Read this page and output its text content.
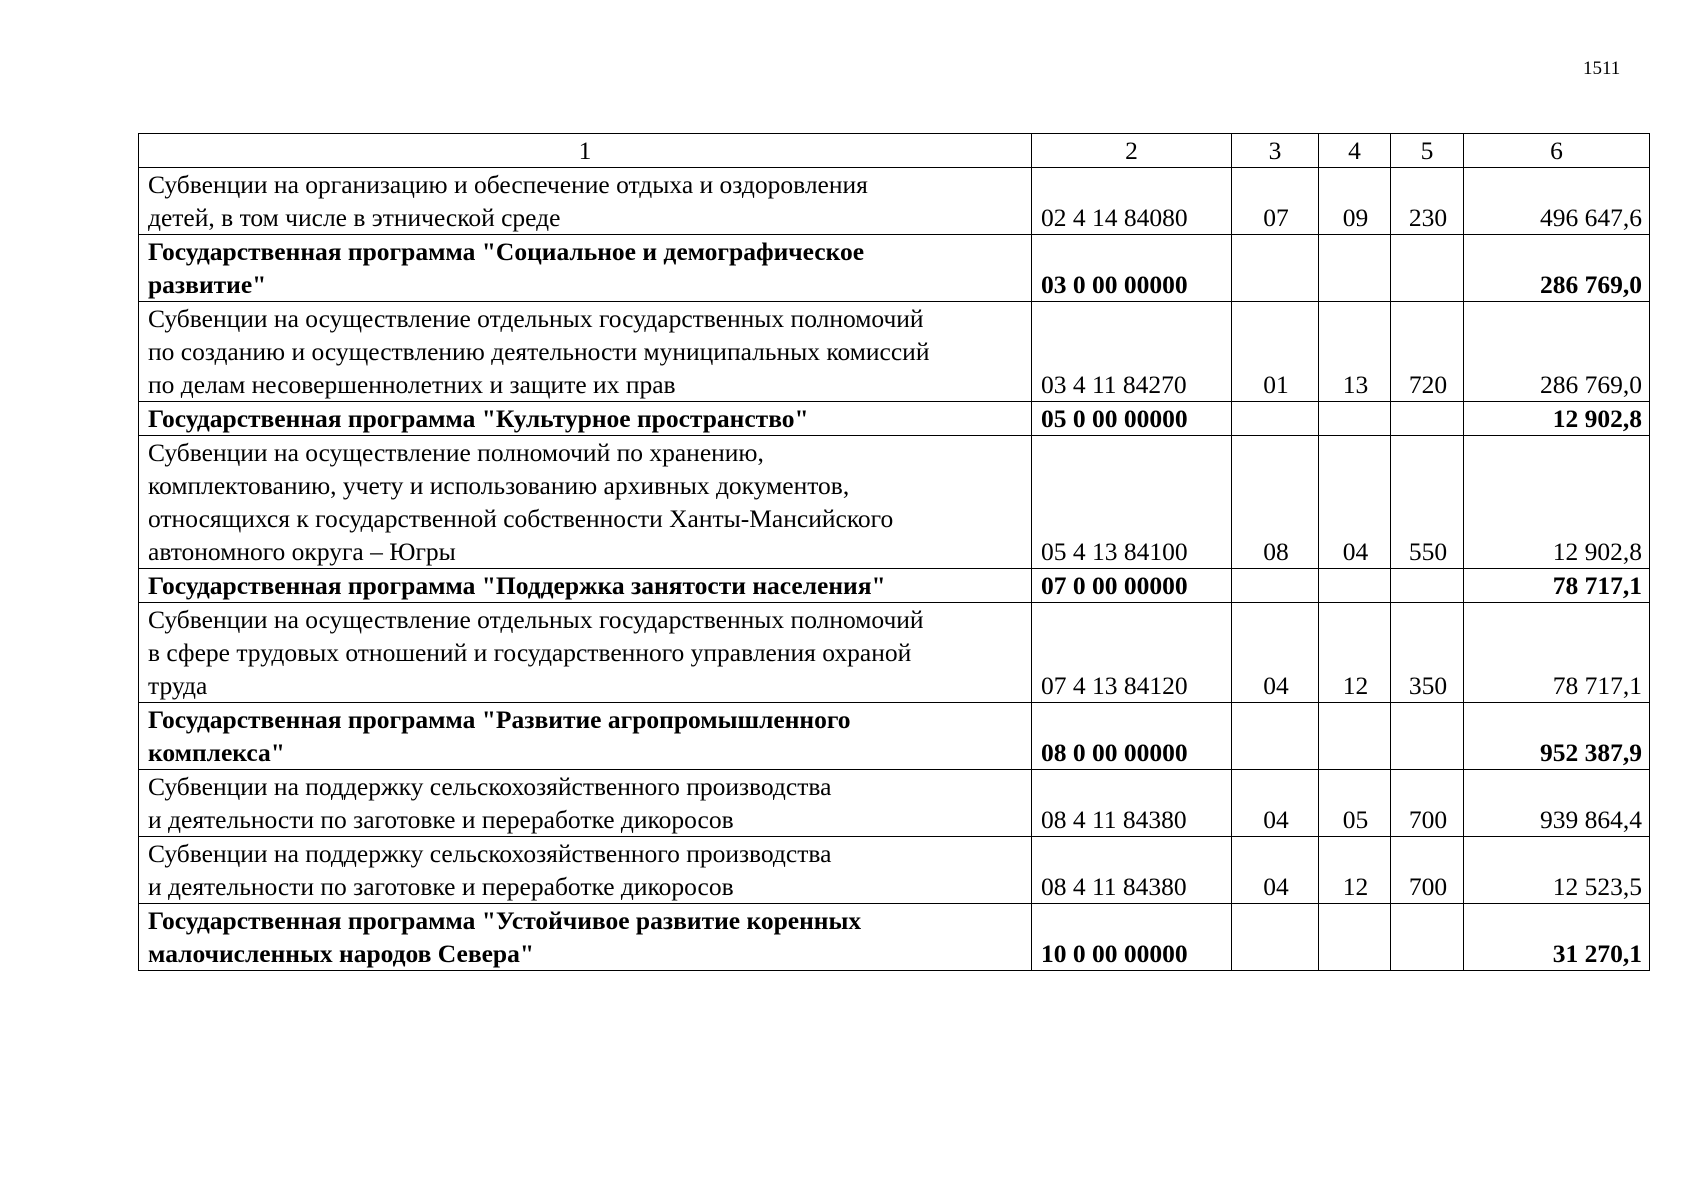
1511
1	2	3	4	5	6

Субвенции на организацию и обеспечение отдыха и оздоровления
детей, в том числе в этнической среде	02 4 14 84080	07	09	230	496 647,6

Государственная программа "Социальное и демографическое
развитие"	03 0 00 00000				286 769,0

Субвенции на осуществление отдельных государственных полномочий
по созданию и осуществлению деятельности муниципальных комиссий
по делам несовершеннолетних и защите их прав	03 4 11 84270	01	13	720	286 769,0

Государственная программа "Культурное пространство"	05 0 00 00000				12 902,8

Субвенции на осуществление полномочий по хранению,
комплектованию, учету и использованию архивных документов,
относящихся к государственной собственности Ханты-Мансийского
автономного округа – Югры	05 4 13 84100	08	04	550	12 902,8

Государственная программа "Поддержка занятости населения"	07 0 00 00000				78 717,1

Субвенции на осуществление отдельных государственных полномочий
в сфере трудовых отношений и государственного управления охраной
труда	07 4 13 84120	04	12	350	78 717,1

Государственная программа "Развитие агропромышленного
комплекса"	08 0 00 00000				952 387,9

Субвенции на поддержку сельскохозяйственного производства
и деятельности по заготовке и переработке дикоросов	08 4 11 84380	04	05	700	939 864,4

Субвенции на поддержку сельскохозяйственного производства
и деятельности по заготовке и переработке дикоросов	08 4 11 84380	04	12	700	12 523,5

Государственная программа "Устойчивое развитие коренных
малочисленных народов Севера"	10 0 00 00000				31 270,1
